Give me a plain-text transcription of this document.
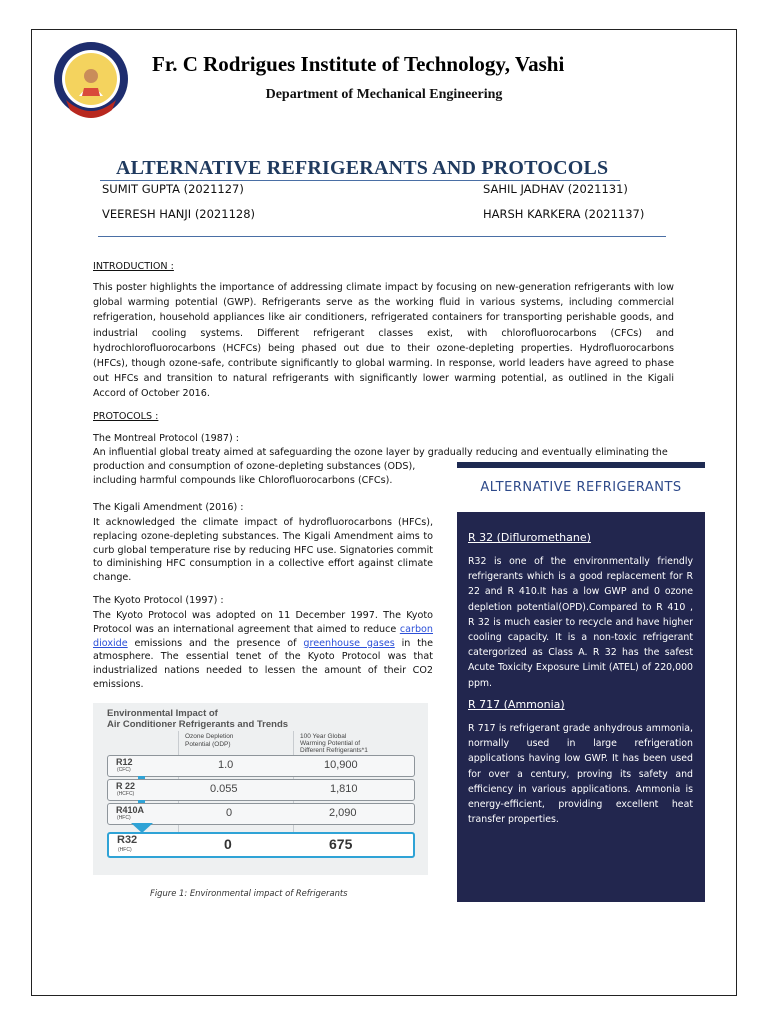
Fr. C Rodrigues Institute of Technology, Vashi
Department of Mechanical Engineering
ALTERNATIVE REFRIGERANTS AND PROTOCOLS
SUMIT GUPTA (2021127)	SAHIL JADHAV (2021131)
VEERESH HANJI (2021128)	HARSH KARKERA (2021137)
INTRODUCTION :
This poster highlights the importance of addressing climate impact by focusing on new-generation refrigerants with low global warming potential (GWP). Refrigerants serve as the working fluid in various systems, including commercial refrigeration, household appliances like air conditioners, refrigerated containers for transporting perishable goods, and industrial cooling systems. Different refrigerant classes exist, with chlorofluorocarbons (CFCs) and hydrochlorofluorocarbons (HCFCs) being phased out due to their ozone-depleting properties. Hydrofluorocarbons (HFCs), though ozone-safe, contribute significantly to global warming. In response, world leaders have agreed to phase out HFCs and transition to natural refrigerants with significantly lower warming potential, as outlined in the Kigali Accord of October 2016.
PROTOCOLS :
The Montreal Protocol (1987) :
An influential global treaty aimed at safeguarding the ozone layer by gradually reducing and eventually eliminating the
production and consumption of ozone-depleting substances (ODS),
including harmful compounds like Chlorofluorocarbons (CFCs).
The Kigali Amendment (2016) :
It acknowledged the climate impact of hydrofluorocarbons (HFCs), replacing ozone-depleting substances. The Kigali Amendment aims to curb global temperature rise by reducing HFC use. Signatories commit to diminishing HFC consumption in a collective effort against climate change.
The Kyoto Protocol (1997) :
The Kyoto Protocol was adopted on 11 December 1997. The Kyoto Protocol was an international agreement that aimed to reduce carbon dioxide emissions and the presence of greenhouse gases in the atmosphere. The essential tenet of the Kyoto Protocol was that industrialized nations needed to lessen the amount of their CO2 emissions.
Environmental Impact of
Air Conditioner Refrigerants and Trends
Ozone Depletion
Potential (ODP)
100 Year Global
Warming Potential of
Different Refrigerants*1
R12
(CFC)	1.0	10,900
R 22
(HCFC)	0.055	1,810
R410A
(HFC)	0	2,090
R32
(HFC)	0	675
Figure 1: Environmental impact of Refrigerants
ALTERNATIVE REFRIGERANTS
R 32 (Difluromethane)
R32 is one of the environmentally friendly refrigerants which is a good replacement for R 22 and R 410.It has a low GWP and 0 ozone depletion potential(OPD).Compared to R 410 , R 32 is much easier to recycle and have higher cooling capacity. It is a non-toxic refrigerant catergorized as Class A. R 32 has the safest Acute Toxicity Exposure Limit (ATEL) of 220,000 ppm.
R 717 (Ammonia)
R 717 is refrigerant grade anhydrous ammonia, normally used in large refrigeration applications having low GWP. It has been used for over a century, proving its safety and efficiency in various applications. Ammonia is energy-efficient, providing excellent heat transfer properties.
